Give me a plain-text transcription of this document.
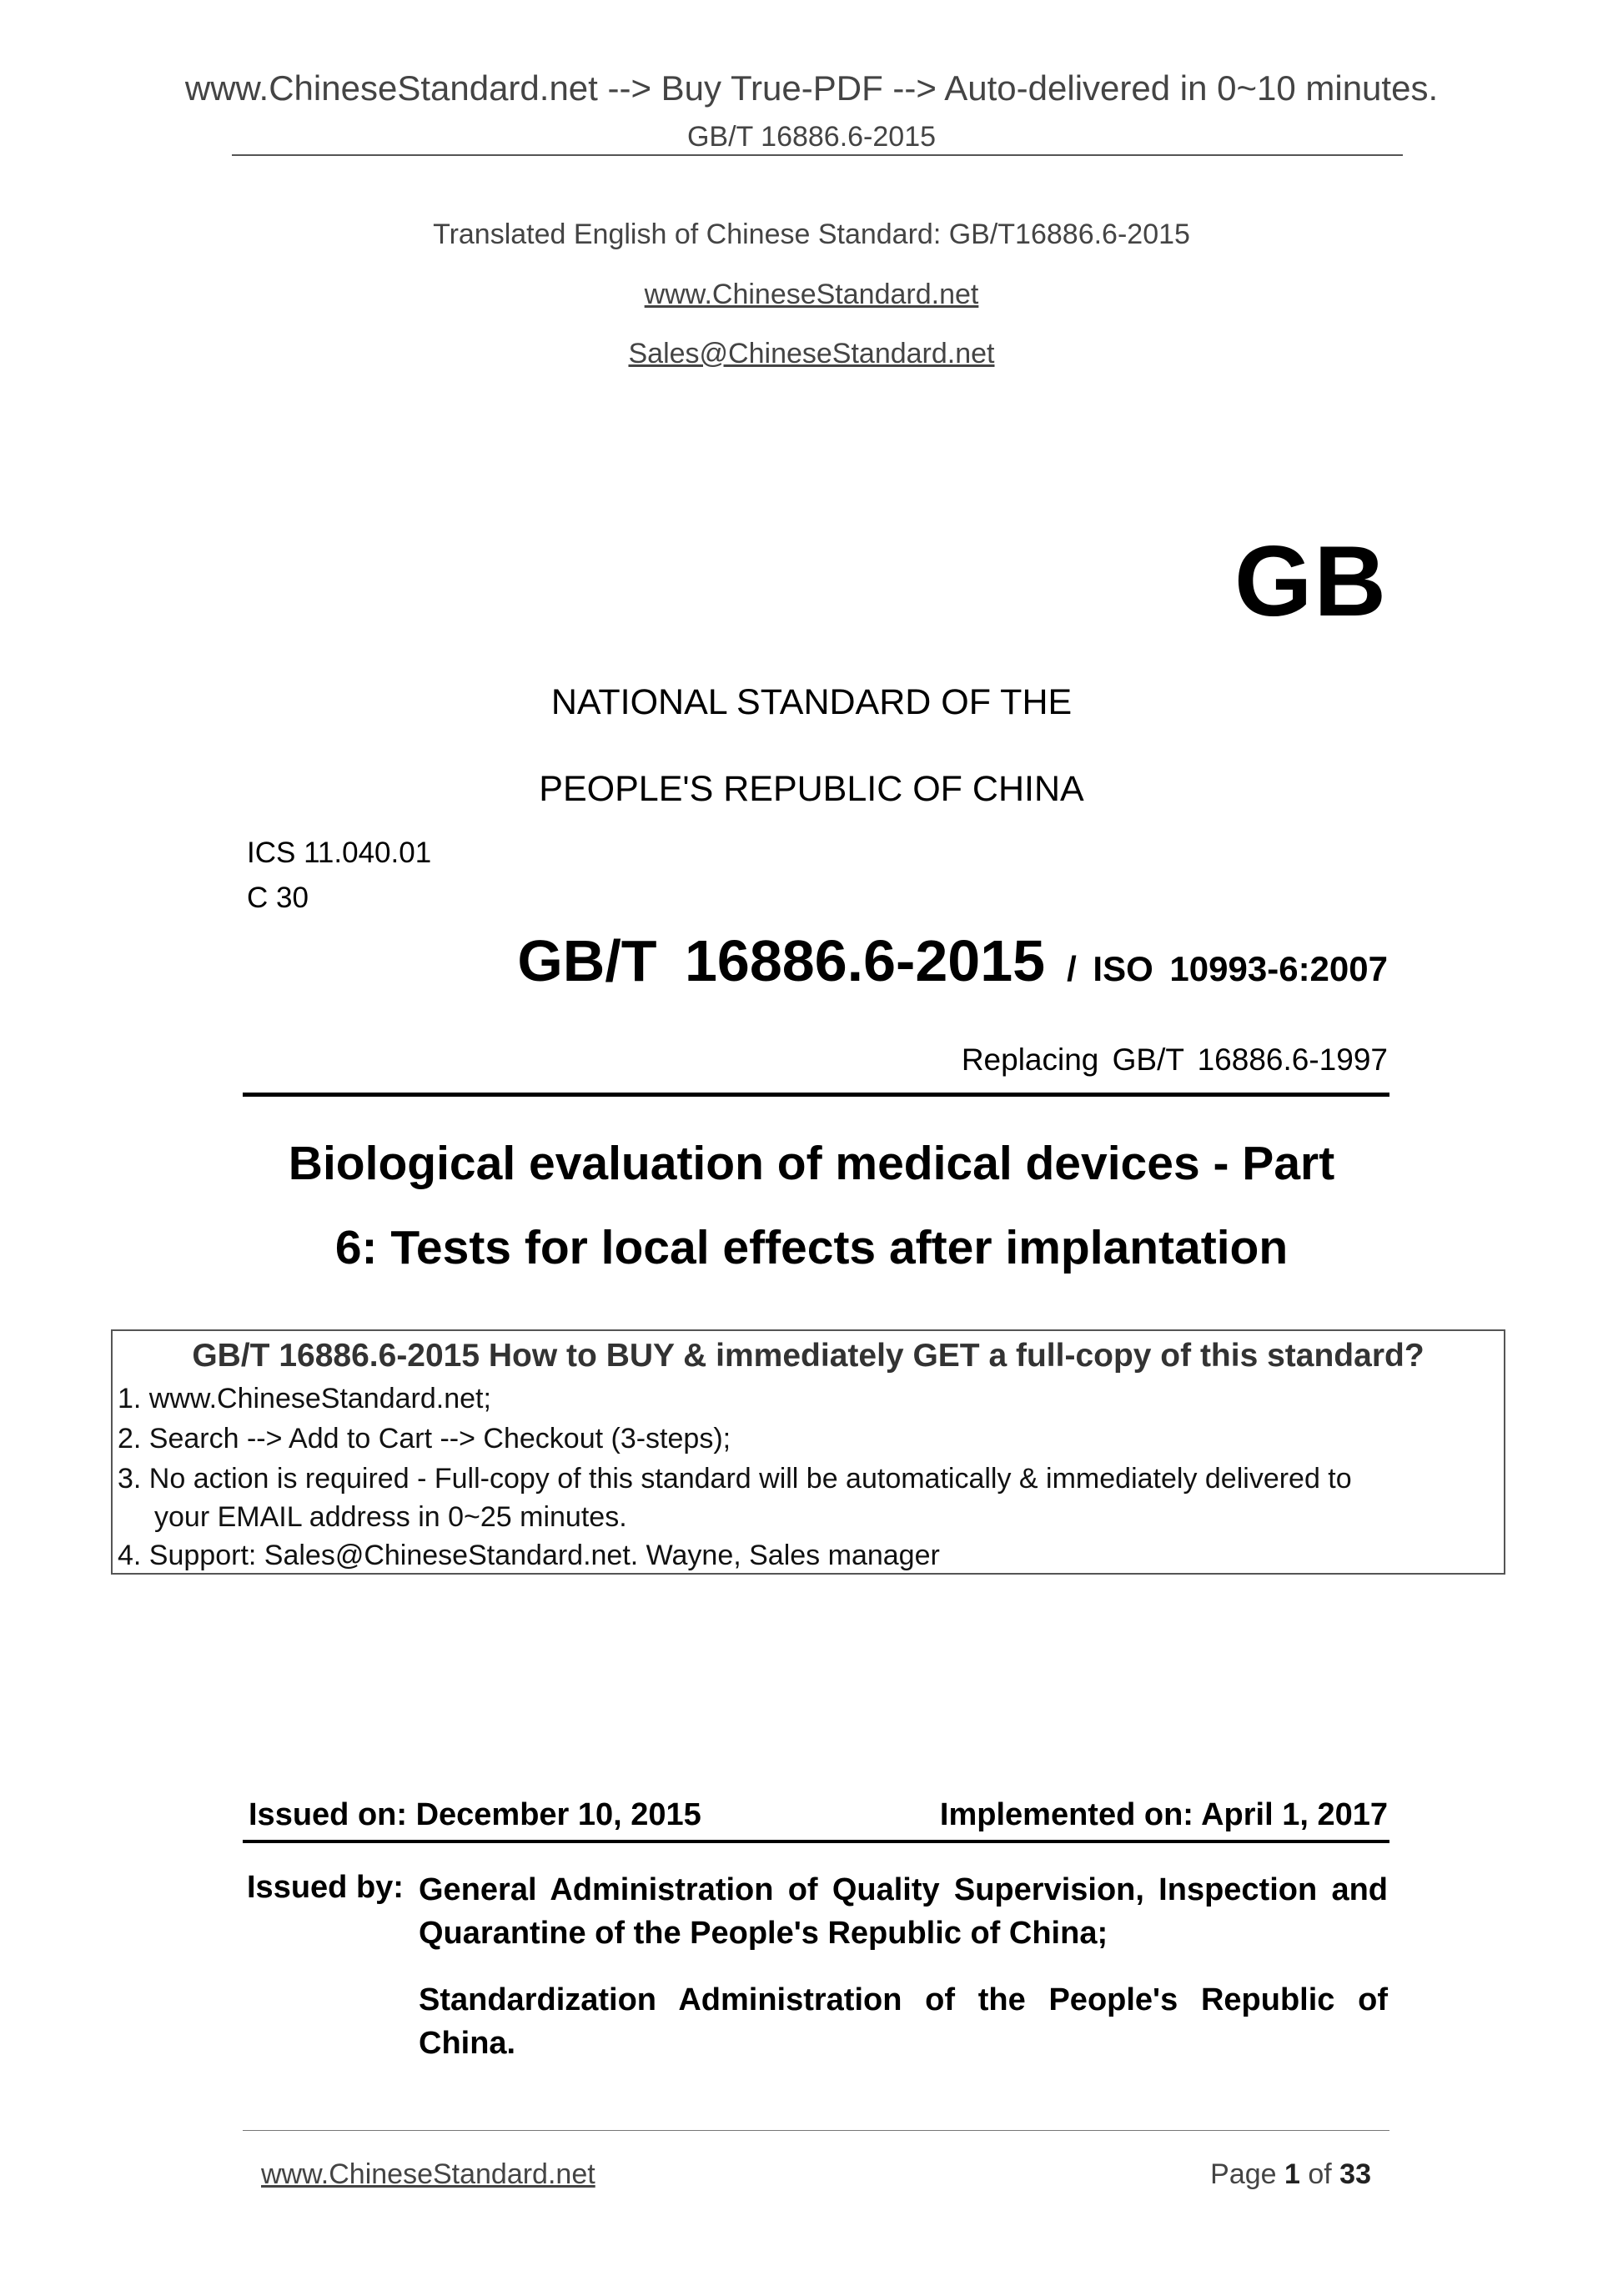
www.ChineseStandard.net --> Buy True-PDF --> Auto-delivered in 0~10 minutes.
GB/T 16886.6-2015
Translated English of Chinese Standard: GB/T16886.6-2015
www.ChineseStandard.net
Sales@ChineseStandard.net
GB
NATIONAL STANDARD OF THE
PEOPLE'S REPUBLIC OF CHINA
ICS 11.040.01
C 30
GB/T 16886.6-2015 / ISO 10993-6:2007
Replacing GB/T 16886.6-1997
Biological evaluation of medical devices - Part
6: Tests for local effects after implantation
GB/T 16886.6-2015 How to BUY & immediately GET a full-copy of this standard?
1. www.ChineseStandard.net;
2. Search --> Add to Cart --> Checkout (3-steps);
3. No action is required - Full-copy of this standard will be automatically & immediately delivered to
your EMAIL address in 0~25 minutes.
4. Support: Sales@ChineseStandard.net. Wayne, Sales manager
Issued on: December 10, 2015	Implemented on: April 1, 2017
Issued by: General Administration of Quality Supervision, Inspection and Quarantine of the People's Republic of China;
Standardization Administration of the People's Republic of China.
www.ChineseStandard.net	Page 1 of 33
